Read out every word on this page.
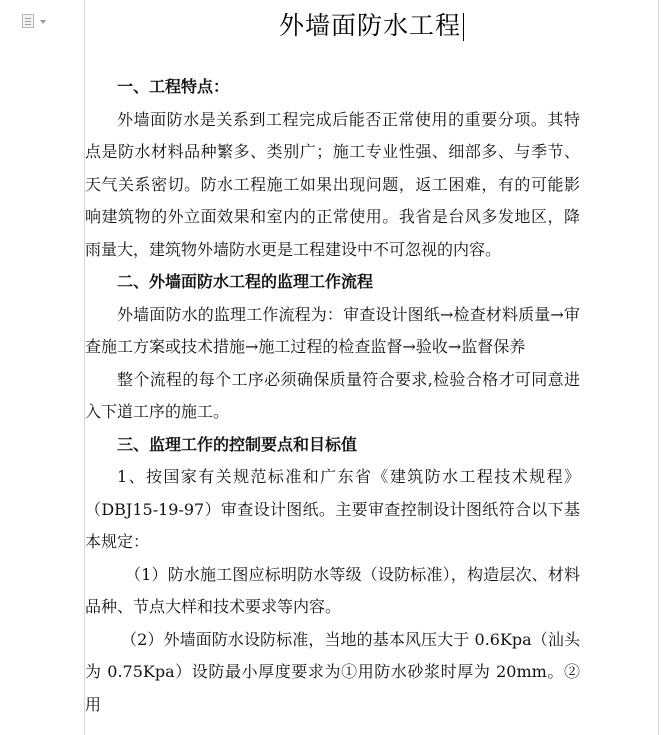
外墙面防水工程

一、工程特点：

外墙面防水是关系到工程完成后能否正常使用的重要分项。其特点是防水材料品种繁多、类别广；施工专业性强、细部多、与季节、天气关系密切。防水工程施工如果出现问题，返工困难，有的可能影响建筑物的外立面效果和室内的正常使用。我省是台风多发地区，降雨量大，建筑物外墙防水更是工程建设中不可忽视的内容。

二、外墙面防水工程的监理工作流程

外墙面防水的监理工作流程为：审查设计图纸→检查材料质量→审查施工方案或技术措施→施工过程的检查监督→验收→监督保养

整个流程的每个工序必须确保质量符合要求,检验合格才可同意进入下道工序的施工。

三、监理工作的控制要点和目标值

1、按国家有关规范标准和广东省《建筑防水工程技术规程》（DBJ15-19-97）审查设计图纸。主要审查控制设计图纸符合以下基本规定：

（1）防水施工图应标明防水等级（设防标准），构造层次、材料品种、节点大样和技术要求等内容。

（2）外墙面防水设防标准，当地的基本风压大于 0.6Kpa（汕头为 0.75Kpa）设防最小厚度要求为①用防水砂浆时厚为 20mm。②用
